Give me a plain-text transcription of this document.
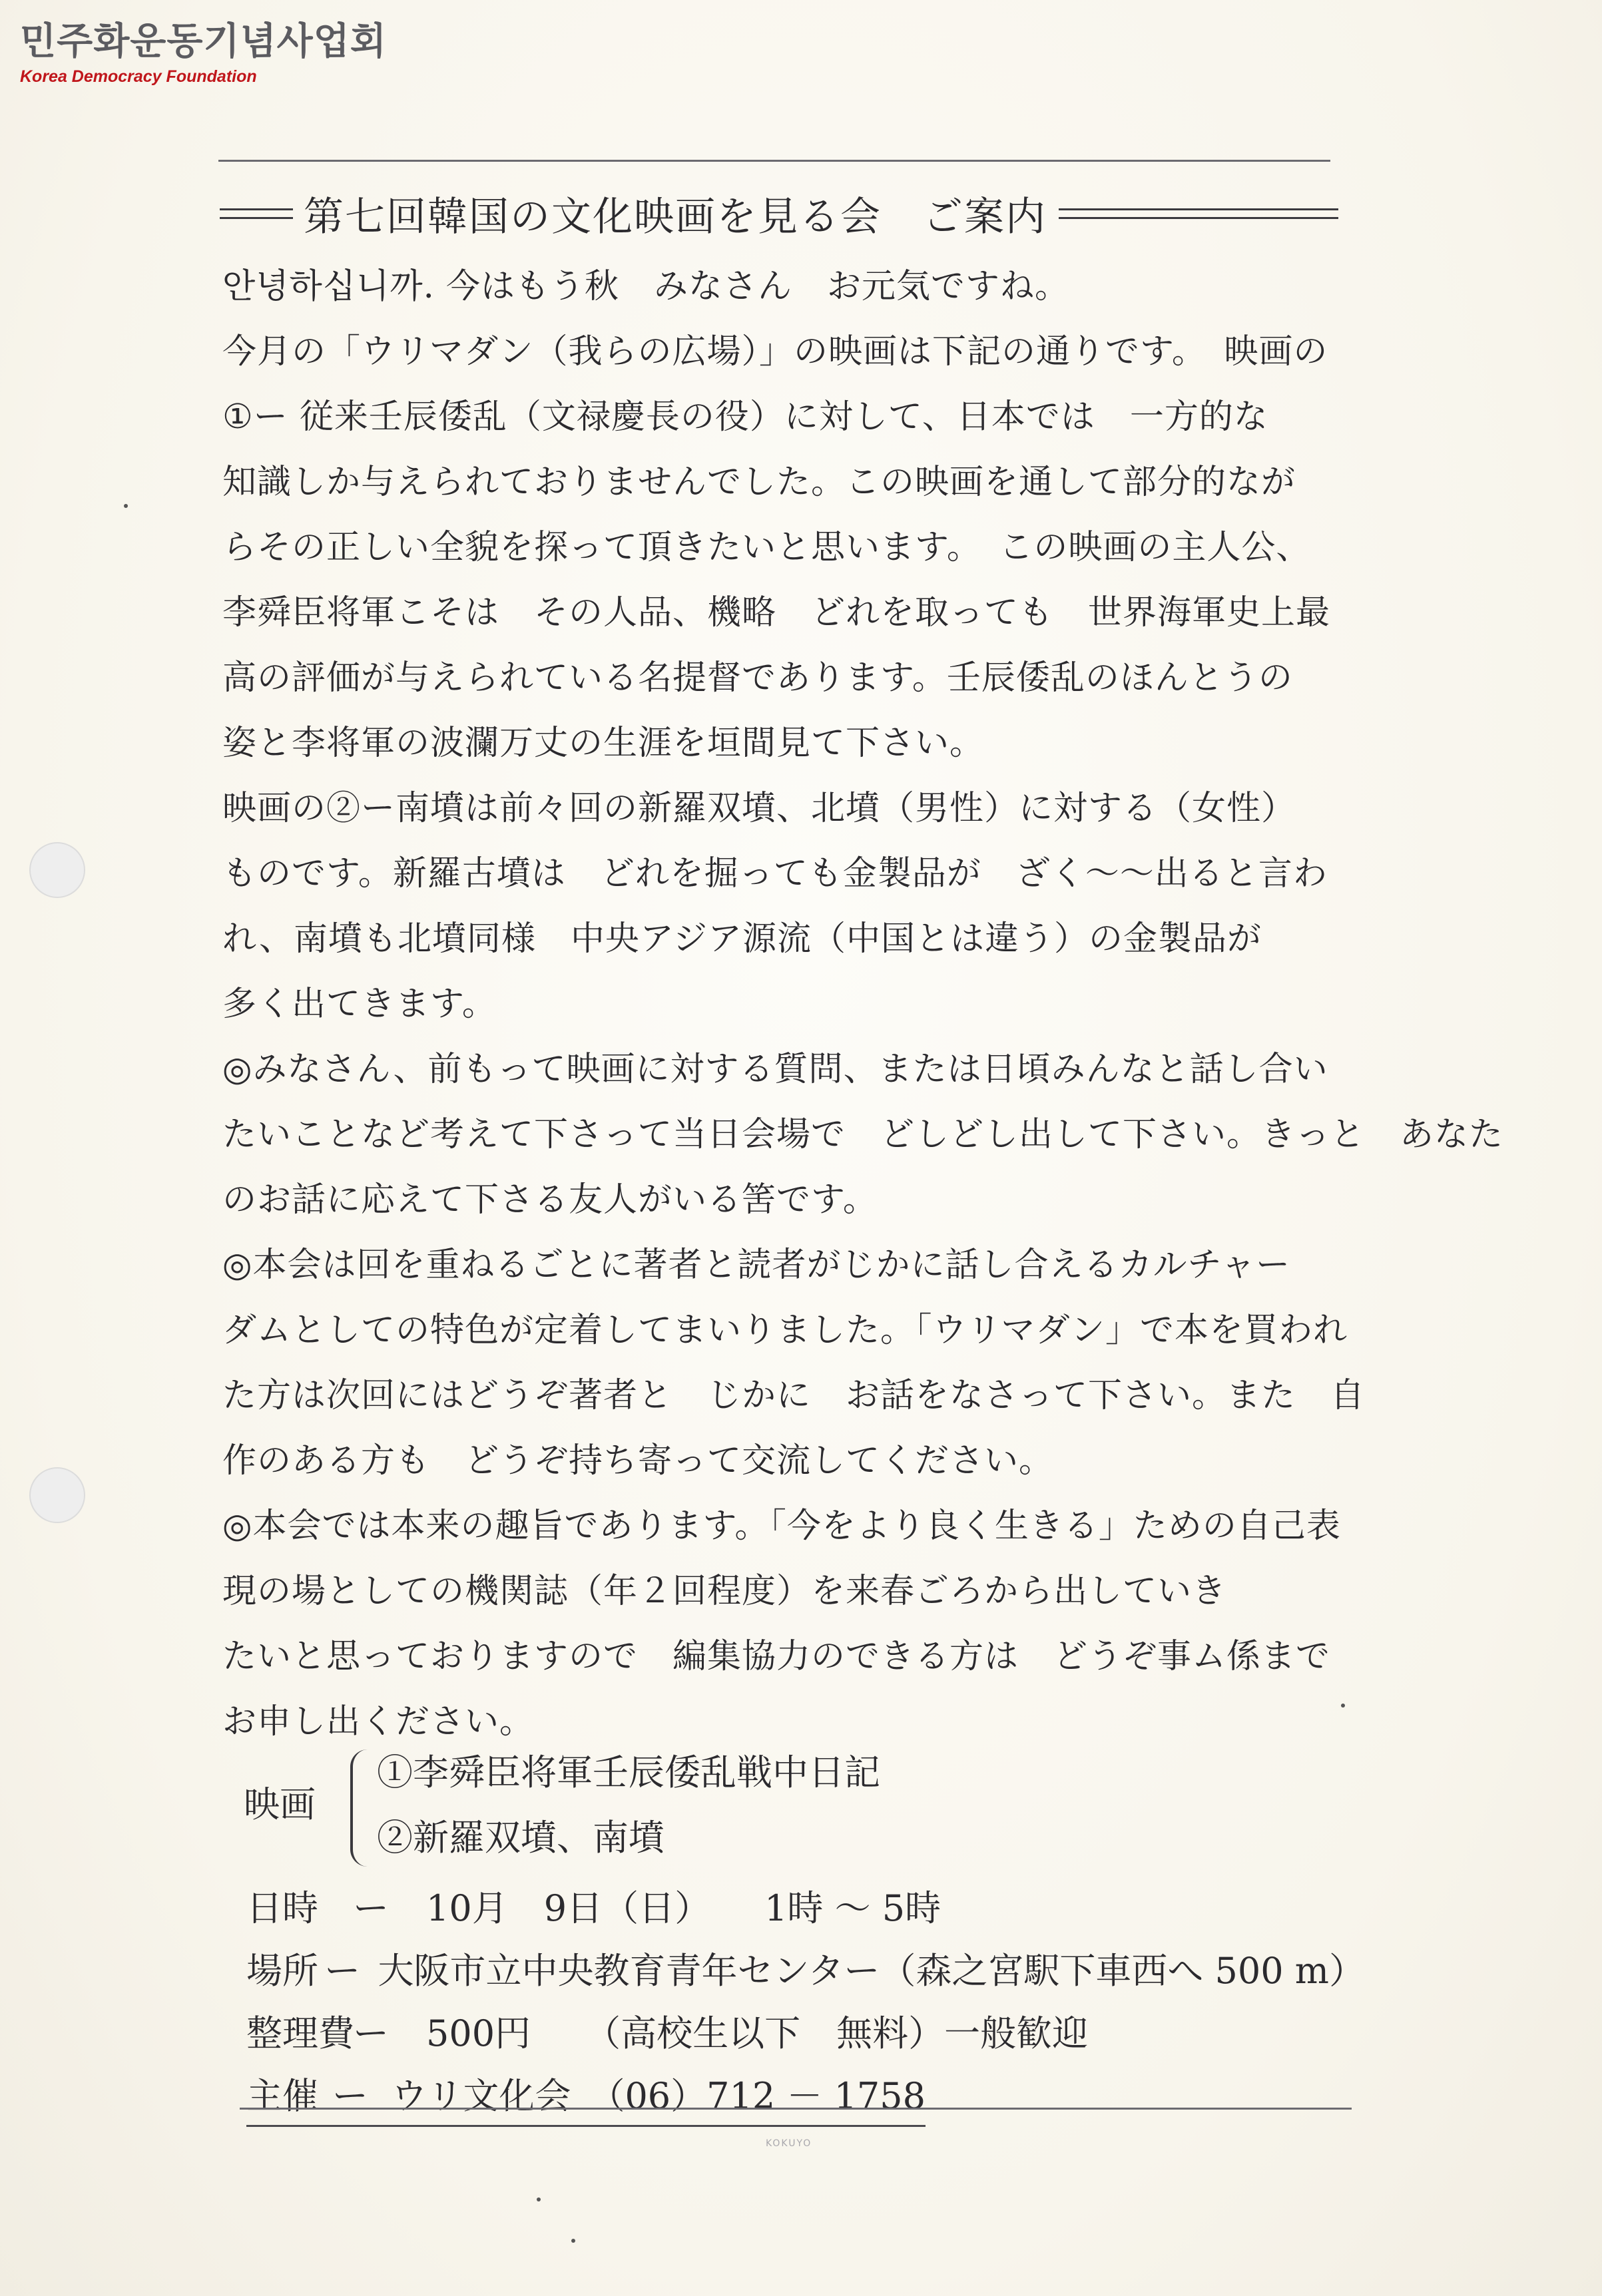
민주화운동기념사업회
Korea Democracy Foundation
第七回韓国の文化映画を見る会　ご案内
안녕하십니까. 今はもう秋　みなさん　お元気ですね。
今月の「ウリマダン（我らの広場）」の映画は下記の通りです。　映画の
①ー 従来壬辰倭乱（文禄慶長の役）に対して、日本では　一方的な
知識しか与えられておりませんでした。この映画を通して部分的なが
らその正しい全貌を探って頂きたいと思います。　この映画の主人公、
李舜臣将軍こそは　その人品、機略　どれを取っても　世界海軍史上最
高の評価が与えられている名提督であります。壬辰倭乱のほんとうの
姿と李将軍の波瀾万丈の生涯を垣間見て下さい。
映画の②ー南墳は前々回の新羅双墳、北墳（男性）に対する（女性）
ものです。新羅古墳は　どれを掘っても金製品が　ざく～～出ると言わ
れ、南墳も北墳同様　中央アジア源流（中国とは違う）の金製品が
多く出てきます。
◎みなさん、前もって映画に対する質問、または日頃みんなと話し合い
たいことなど考えて下さって当日会場で　どしどし出して下さい。きっと　あなた
のお話に応えて下さる友人がいる筈です。
◎本会は回を重ねるごとに著者と読者がじかに話し合えるカルチャー
ダムとしての特色が定着してまいりました。「ウリマダン」で本を買われ
た方は次回にはどうぞ著者と　じかに　お話をなさって下さい。また　自
作のある方も　どうぞ持ち寄って交流してください。
◎本会では本来の趣旨であります。「今をより良く生きる」ための自己表
現の場としての機関誌（年２回程度）を来春ごろから出していき
たいと思っておりますので　編集協力のできる方は　どうぞ事ム係まで
お申し出ください。
映画
①李舜臣将軍壬辰倭乱戦中日記
②新羅双墳、南墳
日時 ー	10月　9日（日）　　1時 ～ 5時
場所 ー 大阪市立中央教育青年センター（森之宮駅下車西へ 500 m）
整理費
ー	500円　　（高校生以下　無料）一般歓迎
主催 ー ウリ文化会　（06）712 － 1758
KOKUYO
